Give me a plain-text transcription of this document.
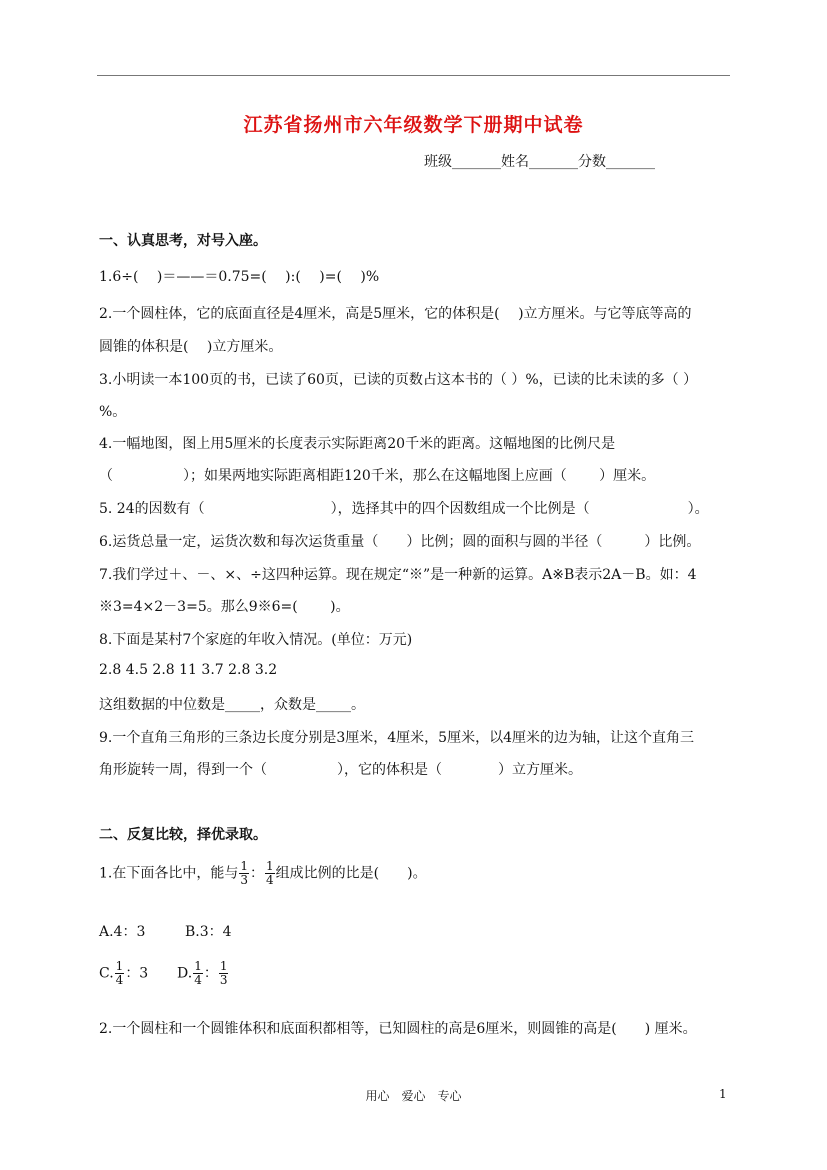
江苏省扬州市六年级数学下册期中试卷
班级_______姓名_______分数_______
一、认真思考，对号入座。
1.6÷(　 )＝——＝0.75=(　 ):(　 )=(　 )%
2.一个圆柱体，它的底面直径是4厘米，高是5厘米，它的体积是(　 )立方厘米。与它等底等高的
圆锥的体积是(　 )立方厘米。
3.小明读一本100页的书，已读了60页，已读的页数占这本书的（ ）%，已读的比未读的多（ ）
%。
4.一幅地图，图上用5厘米的长度表示实际距离20千米的距离。这幅地图的比例尺是
（　　　　　）；如果两地实际距离相距120千米，那么在这幅地图上应画（　　 ）厘米。
5. 24的因数有（　　　　　　　　　），选择其中的四个因数组成一个比例是（　　　　　　　）。
6.运货总量一定，运货次数和每次运货重量（　　）比例；圆的面积与圆的半径（　　　）比例。
7.我们学过＋、－、×、÷这四种运算。现在规定“※”是一种新的运算。A※B表示2A－B。如：4
※3=4×2－3=5。那么9※6=(　　 )。
8.下面是某村7个家庭的年收入情况。(单位：万元)
2.8 4.5 2.8 11 3.7 2.8 3.2
这组数据的中位数是_____，众数是_____。
9.一个直角三角形的三条边长度分别是3厘米，4厘米，5厘米，以4厘米的边为轴，让这个直角三
角形旋转一周，得到一个（　　　　　），它的体积是（　　　　）立方厘米。
二、反复比较，择优录取。
1.在下面各比中，能与 $\frac{1}{3}$ ： $\frac{1}{4}$ 组成比例的比是(　　)。
A.4：3	B.3：4
C. $\frac{1}{4}$ ：3 D. $\frac{1}{4}$ ： $\frac{1}{3}$
2.一个圆柱和一个圆锥体积和底面积都相等，已知圆柱的高是6厘米，则圆锥的高是(　　) 厘米。
用心　爱心　专心	1
